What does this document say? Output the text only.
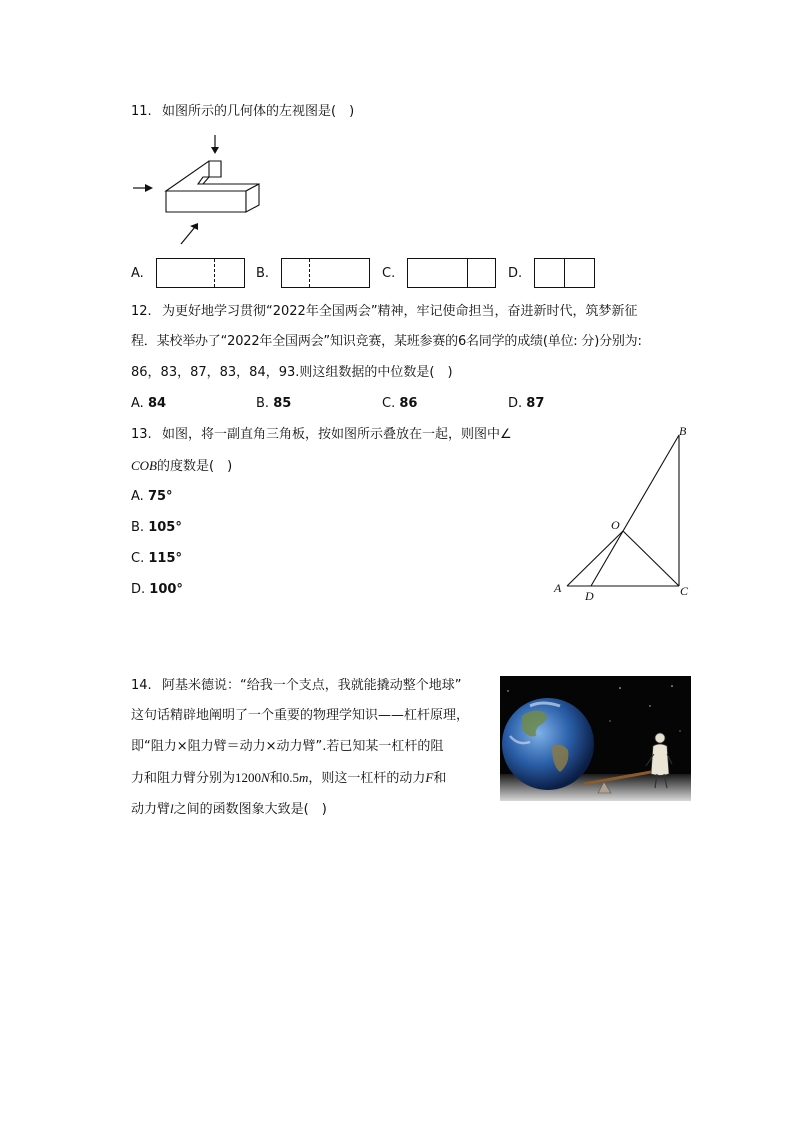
11. 如图所示的几何体的左视图是(　)
A.	B.	C.	D.
12. 为更好地学习贯彻“2022年全国两会”精神，牢记使命担当，奋进新时代，筑梦新征
程．某校举办了“2022年全国两会”知识竞赛，某班参赛的6名同学的成绩(单位: 分)分别为:
86，83，87，83，84，93.则这组数据的中位数是(　)
A. 84	B. 85	C. 86	D. 87
13. 如图，将一副直角三角板，按如图所示叠放在一起，则图中∠
COB的度数是(　)
A. 75°
B. 105°
C. 115°
D. 100°	A
B
C
D
O
14. 阿基米德说：“给我一个支点，我就能撬动整个地球”
这句话精辟地阐明了一个重要的物理学知识——杠杆原理，
即“阻力×阻力臂＝动力×动力臂”.若已知某一杠杆的阻
力和阻力臂分别为1200N和0.5m，则这一杠杆的动力F和
动力臂l之间的函数图象大致是(　)
